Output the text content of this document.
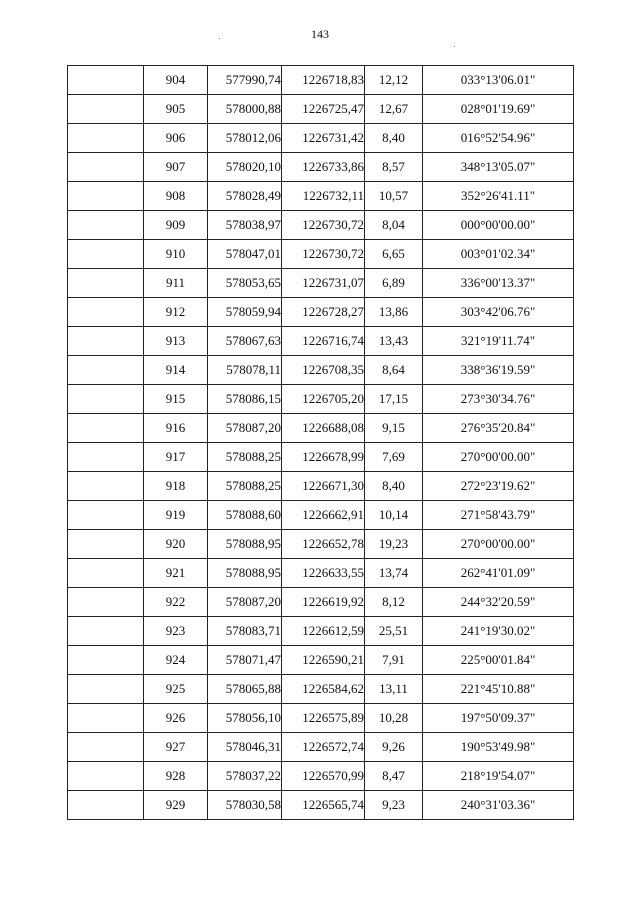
143
	904	577990,74	1226718,83	12,12	033°13'06.01"
	905	578000,88	1226725,47	12,67	028°01'19.69"
	906	578012,06	1226731,42	8,40	016°52'54.96"
	907	578020,10	1226733,86	8,57	348°13'05.07"
	908	578028,49	1226732,11	10,57	352°26'41.11"
	909	578038,97	1226730,72	8,04	000°00'00.00"
	910	578047,01	1226730,72	6,65	003°01'02.34"
	911	578053,65	1226731,07	6,89	336°00'13.37"
	912	578059,94	1226728,27	13,86	303°42'06.76"
	913	578067,63	1226716,74	13,43	321°19'11.74"
	914	578078,11	1226708,35	8,64	338°36'19.59"
	915	578086,15	1226705,20	17,15	273°30'34.76"
	916	578087,20	1226688,08	9,15	276°35'20.84"
	917	578088,25	1226678,99	7,69	270°00'00.00"
	918	578088,25	1226671,30	8,40	272°23'19.62"
	919	578088,60	1226662,91	10,14	271°58'43.79"
	920	578088,95	1226652,78	19,23	270°00'00.00"
	921	578088,95	1226633,55	13,74	262°41'01.09"
	922	578087,20	1226619,92	8,12	244°32'20.59"
	923	578083,71	1226612,59	25,51	241°19'30.02"
	924	578071,47	1226590,21	7,91	225°00'01.84"
	925	578065,88	1226584,62	13,11	221°45'10.88"
	926	578056,10	1226575,89	10,28	197°50'09.37"
	927	578046,31	1226572,74	9,26	190°53'49.98"
	928	578037,22	1226570,99	8,47	218°19'54.07"
	929	578030,58	1226565,74	9,23	240°31'03.36"
